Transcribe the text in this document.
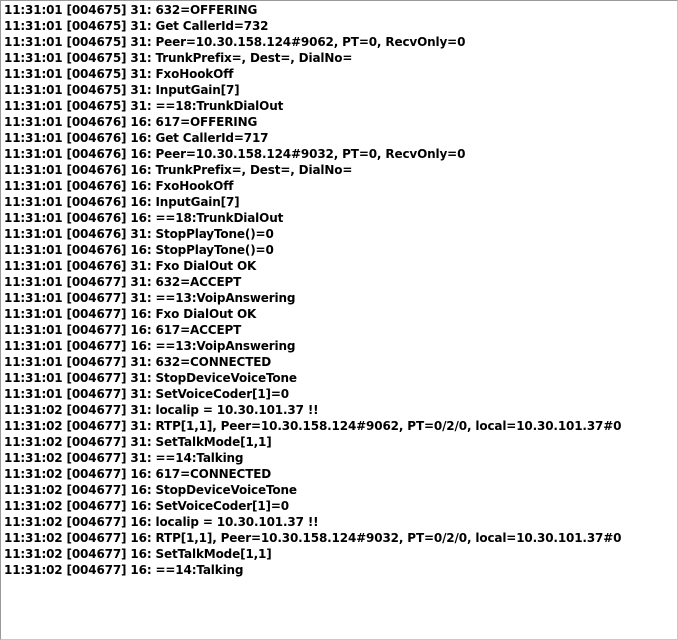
11:31:01 [004675] 31: 632=OFFERING
11:31:01 [004675] 31: Get CallerId=732
11:31:01 [004675] 31: Peer=10.30.158.124#9062, PT=0, RecvOnly=0
11:31:01 [004675] 31: TrunkPrefix=, Dest=, DialNo=
11:31:01 [004675] 31: FxoHookOff
11:31:01 [004675] 31: InputGain[7]
11:31:01 [004675] 31: ==18:TrunkDialOut
11:31:01 [004676] 16: 617=OFFERING
11:31:01 [004676] 16: Get CallerId=717
11:31:01 [004676] 16: Peer=10.30.158.124#9032, PT=0, RecvOnly=0
11:31:01 [004676] 16: TrunkPrefix=, Dest=, DialNo=
11:31:01 [004676] 16: FxoHookOff
11:31:01 [004676] 16: InputGain[7]
11:31:01 [004676] 16: ==18:TrunkDialOut
11:31:01 [004676] 31: StopPlayTone()=0
11:31:01 [004676] 16: StopPlayTone()=0
11:31:01 [004676] 31: Fxo DialOut OK
11:31:01 [004677] 31: 632=ACCEPT
11:31:01 [004677] 31: ==13:VoipAnswering
11:31:01 [004677] 16: Fxo DialOut OK
11:31:01 [004677] 16: 617=ACCEPT
11:31:01 [004677] 16: ==13:VoipAnswering
11:31:01 [004677] 31: 632=CONNECTED
11:31:01 [004677] 31: StopDeviceVoiceTone
11:31:01 [004677] 31: SetVoiceCoder[1]=0
11:31:02 [004677] 31: localip = 10.30.101.37 !!
11:31:02 [004677] 31: RTP[1,1], Peer=10.30.158.124#9062, PT=0/2/0, local=10.30.101.37#0
11:31:02 [004677] 31: SetTalkMode[1,1]
11:31:02 [004677] 31: ==14:Talking
11:31:02 [004677] 16: 617=CONNECTED
11:31:02 [004677] 16: StopDeviceVoiceTone
11:31:02 [004677] 16: SetVoiceCoder[1]=0
11:31:02 [004677] 16: localip = 10.30.101.37 !!
11:31:02 [004677] 16: RTP[1,1], Peer=10.30.158.124#9032, PT=0/2/0, local=10.30.101.37#0
11:31:02 [004677] 16: SetTalkMode[1,1]
11:31:02 [004677] 16: ==14:Talking
